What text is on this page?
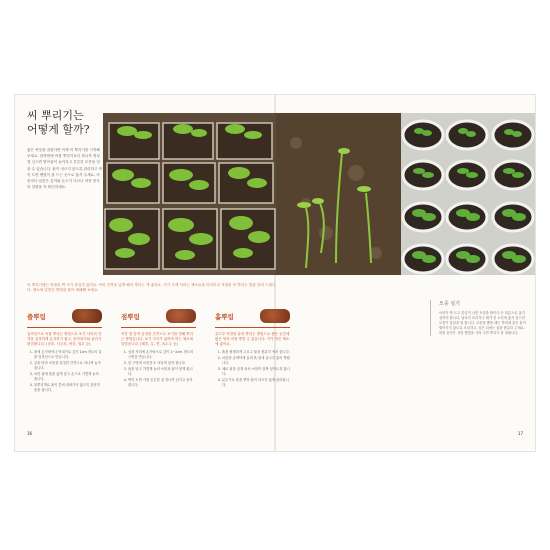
씨 뿌리기는
어떻게 할까?

좋은 씨앗을 골랐다면 이제 씨 뿌리기를 시작해 보세요. 한꺼번에 씨를 뿌리기보다 하나씩 정성껏 심으면 발아율이 높아지고 튼튼한 모종을 얻을 수 있습니다. 흙이 마르지 않도록 관리하고 싹이 트면 햇빛이 잘 드는 곳으로 옮겨 주세요. 씨앗마다 알맞은 깊이와 온도가 다르니 씨앗 봉투의 설명을 꼭 확인하세요.

씨 뿌리기에는 작물의 싹 크기 종류가 있어요. 씨앗 간격을 넓게 해서 뿌리는 게 좋아요. 키가 크게 자라는 채소들을 미리미리 적절한 씨 뿌리는 법을 알려 드립니다. 채소에 알맞은 방법을 찾아 재배해 보세요.

줄뿌림

일직선으로 씨를 뿌리는 방법으로 포기 사이의 간격을 일정하게 유지하기 쉽고, 솎아내기와 관리가 편리합니다. (상추, 시금치, 쑥갓, 열무 등)

1. 흙에 손가락이나 막대기로 깊이 1cm 정도의 골을 일직선으로 만듭니다.
2. 골을 따라 씨앗을 일정한 간격으로 하나씩 놓아 줍니다.
3. 씨앗 위에 흙을 얇게 덮고 손으로 가볍게 눌러 줍니다.
4. 물뿌리개로 흙이 쓸려 내려가지 않도록 천천히 물을 줍니다.
점뿌림

씨앗 몇 알씩 일정한 간격으로 포기를 정해 뿌리는 방법입니다. 포기 사이가 넓어야 하는 채소에 알맞습니다. (배추, 무, 콩, 옥수수 등)

1. 심을 자리에 손가락으로 깊이 1~2cm 정도의 구멍을 만듭니다.
2. 한 구멍에 씨앗을 2~3알씩 넣어 줍니다.
3. 흙을 덮고 가볍게 눌러 씨앗과 흙이 닿게 합니다.
4. 싹이 트면 가장 튼튼한 것 하나만 남기고 솎아 줍니다.
흩뿌림

골고루 씨앗을 흩어 뿌리는 방법으로 좁은 공간에 많은 양의 씨를 뿌릴 수 있습니다. 키가 작은 채소에 좋아요.

1. 흙을 평평하게 고르고 물을 충분히 적셔 줍니다.
2. 씨앗을 손바닥에 올려 흙 위에 골고루 흩어 뿌립니다.
3. 체로 흙을 곱게 쳐서 씨앗이 살짝 덮이도록 합니다.
4. 분무기로 물을 뿌려 흙이 마르지 않게 관리합니다.
모종 심기

씨앗이 싹 트고 본잎이 나면 모종을 밭이나 큰 화분으로 옮겨 심어야 합니다. 날씨가 흐리거나 해가 진 오후에 옮겨 심으면 모종이 몸살을 덜 합니다. 모종을 뽑을 때는 뿌리에 붙은 흙이 떨어지지 않도록 조심하고, 심은 뒤에는 물을 충분히 주세요. 며칠 동안은 강한 햇빛을 가려 주면 뿌리가 잘 내립니다.

16	17
